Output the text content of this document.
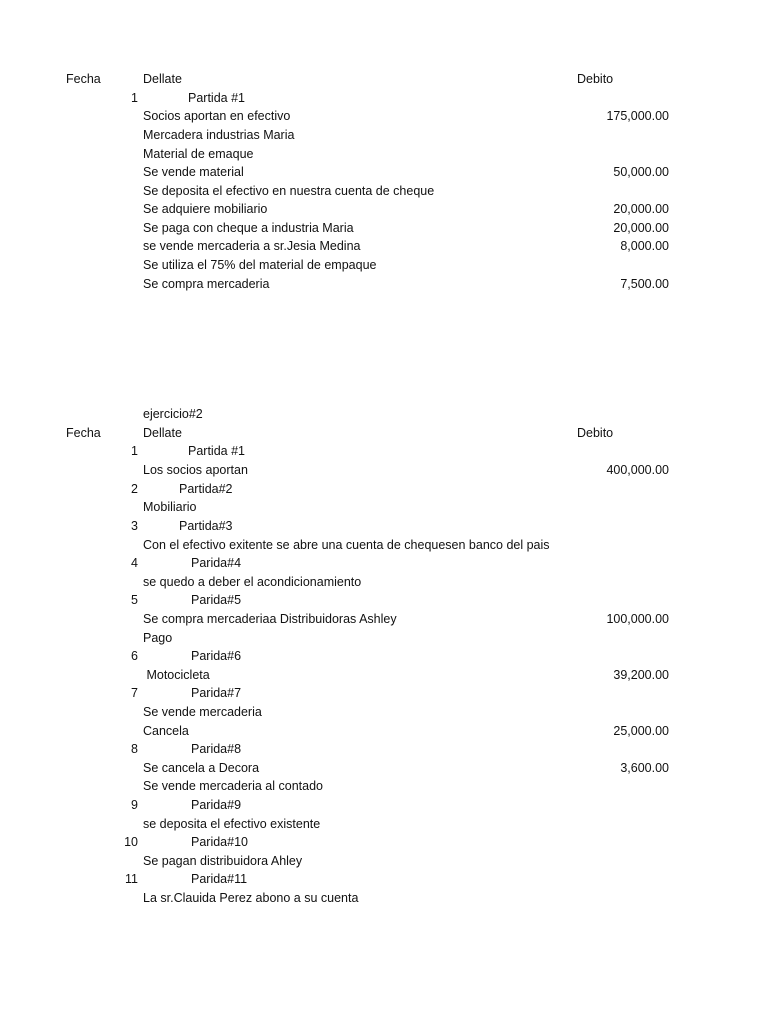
Fecha	Dellate	Debito
1	Partida #1
Socios aportan en efectivo	175,000.00
Mercadera industrias Maria
Material de emaque
Se vende material	50,000.00
Se deposita el efectivo en nuestra cuenta de cheque
Se adquiere mobiliario	20,000.00
Se paga con cheque a industria Maria	20,000.00
se vende mercaderia a sr.Jesia Medina	8,000.00
Se utiliza el 75% del material de empaque
Se compra mercaderia	7,500.00
ejercicio#2
Fecha	Dellate	Debito
1	Partida #1
Los socios aportan	400,000.00
2	Partida#2
Mobiliario
3	Partida#3
Con el efectivo exitente se abre una cuenta de chequesen banco del pais
4	Parida#4
se quedo a deber el acondicionamiento
5	Parida#5
Se compra mercaderiaa Distribuidoras Ashley	100,000.00
Pago
6	Parida#6
Motocicleta	39,200.00
7	Parida#7
Se vende mercaderia
Cancela	25,000.00
8	Parida#8
Se cancela a Decora	3,600.00
Se vende mercaderia al contado
9	Parida#9
se deposita el efectivo existente
10	Parida#10
Se pagan distribuidora Ahley
11	Parida#11
La sr.Clauida Perez abono a su cuenta
